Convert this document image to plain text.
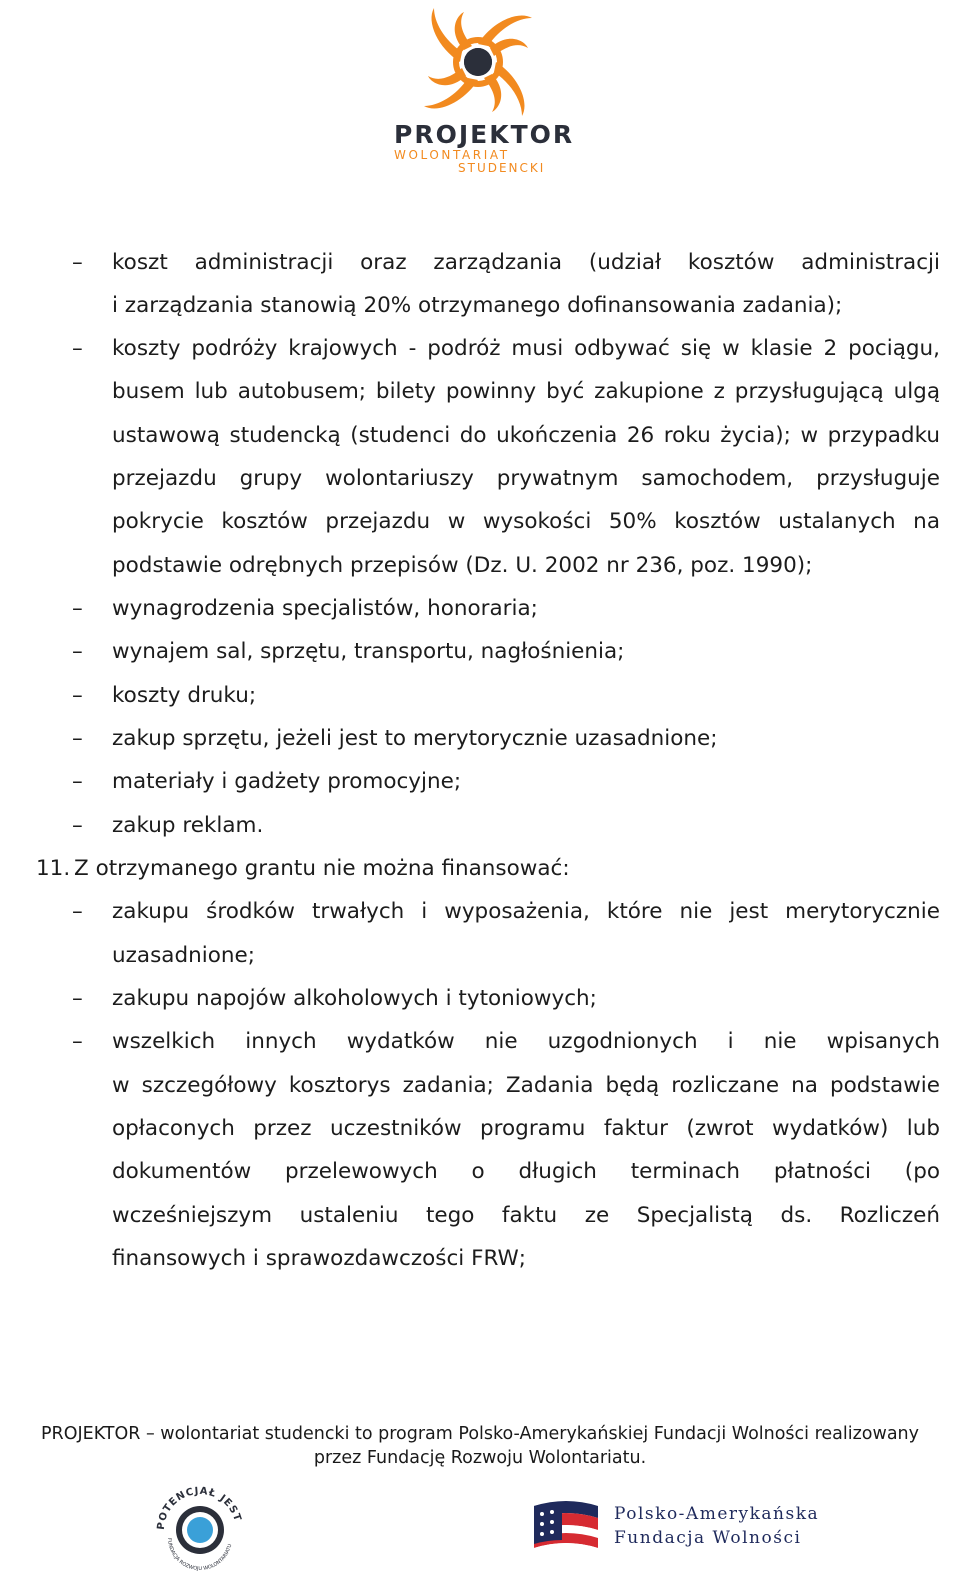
PROJEKTOR
WOLONTARIAT
STUDENCKI
– koszt administracji oraz zarządzania (udział kosztów administracji
i zarządzania stanowią 20% otrzymanego dofinansowania zadania);
– koszty podróży krajowych - podróż musi odbywać się w klasie 2 pociągu,
busem lub autobusem; bilety powinny być zakupione z przysługującą ulgą
ustawową studencką (studenci do ukończenia 26 roku życia); w przypadku
przejazdu grupy wolontariuszy prywatnym samochodem, przysługuje
pokrycie kosztów przejazdu w wysokości 50% kosztów ustalanych na
podstawie odrębnych przepisów (Dz. U. 2002 nr 236, poz. 1990);
– wynagrodzenia specjalistów, honoraria;
– wynajem sal, sprzętu, transportu, nagłośnienia;
– koszty druku;
– zakup sprzętu, jeżeli jest to merytorycznie uzasadnione;
– materiały i gadżety promocyjne;
– zakup reklam.
11. Z otrzymanego grantu nie można finansować:
– zakupu środków trwałych i wyposażenia, które nie jest merytorycznie
uzasadnione;
– zakupu napojów alkoholowych i tytoniowych;
– wszelkich innych wydatków nie uzgodnionych i nie wpisanych
w szczegółowy kosztorys zadania; Zadania będą rozliczane na podstawie
opłaconych przez uczestników programu faktur (zwrot wydatków) lub
dokumentów przelewowych o długich terminach płatności (po
wcześniejszym ustaleniu tego faktu ze Specjalistą ds. Rozliczeń
finansowych i sprawozdawczości FRW;
PROJEKTOR – wolontariat studencki to program Polsko-Amerykańskiej Fundacji Wolności realizowany
przez Fundację Rozwoju Wolontariatu.
POTENCJAŁ JEST
FUNDACJA ROZWOJU WOLONTARIATU
Polsko-Amerykańska
Fundacja Wolności
